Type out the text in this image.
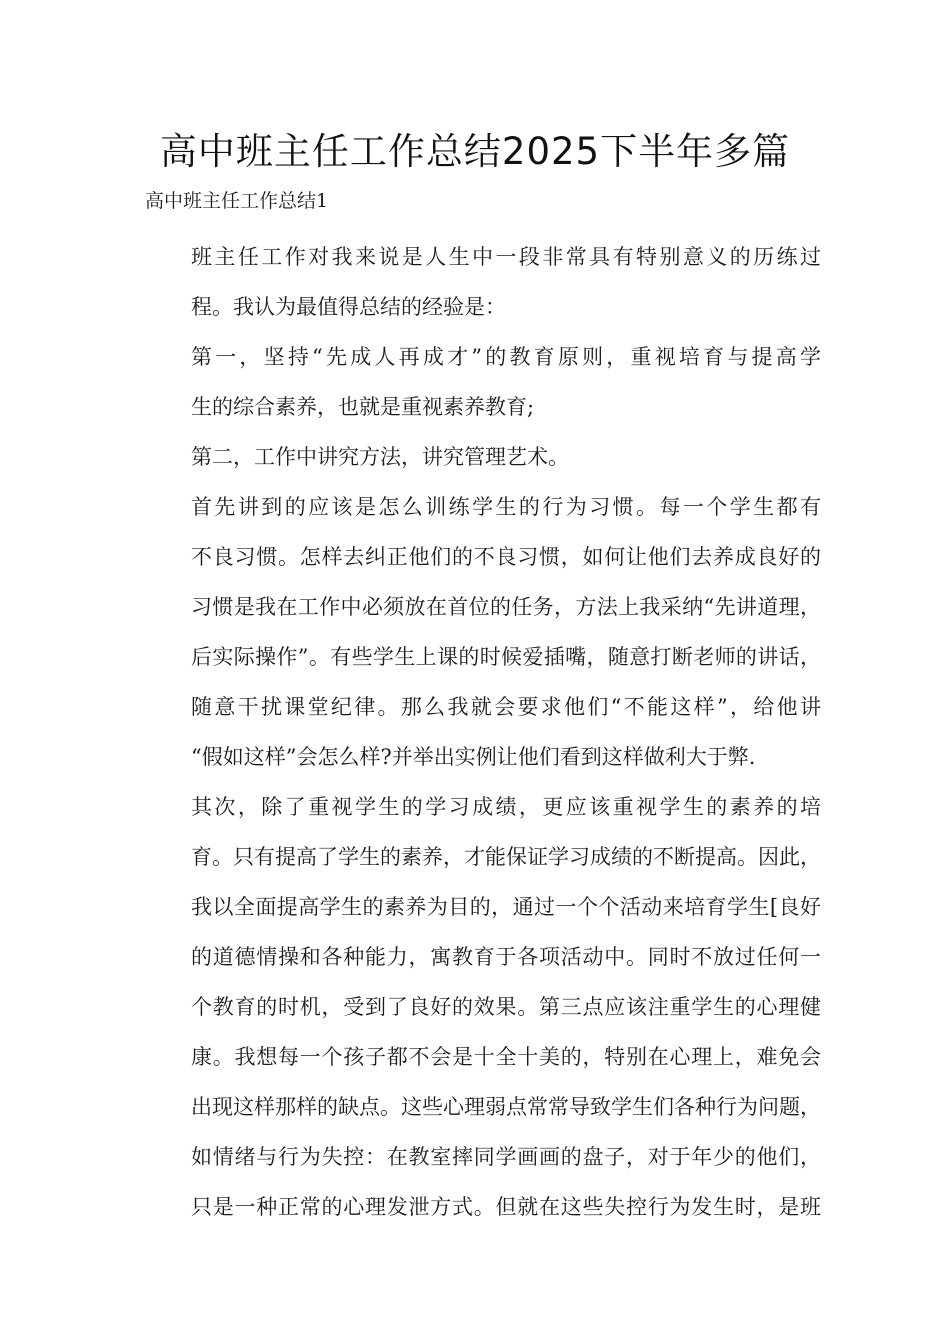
高中班主任工作总结2025下半年多篇

高中班主任工作总结1

班主任工作对我来说是人生中一段非常具有特别意义的历练过
程。我认为最值得总结的经验是：

第一，坚持“先成人再成才”的教育原则，重视培育与提高学
生的综合素养，也就是重视素养教育;

第二，工作中讲究方法，讲究管理艺术。

首先讲到的应该是怎么训练学生的行为习惯。每一个学生都有
不良习惯。怎样去纠正他们的不良习惯，如何让他们去养成良好的
习惯是我在工作中必须放在首位的任务，方法上我采纳“先讲道理，
后实际操作”。有些学生上课的时候爱插嘴，随意打断老师的讲话，
随意干扰课堂纪律。那么我就会要求他们“不能这样”，给他讲
“假如这样”会怎么样?并举出实例让他们看到这样做利大于弊.

其次，除了重视学生的学习成绩，更应该重视学生的素养的培
育。只有提高了学生的素养，才能保证学习成绩的不断提高。因此，
我以全面提高学生的素养为目的，通过一个个活动来培育学生[良好
的道德情操和各种能力，寓教育于各项活动中。同时不放过任何一
个教育的时机，受到了良好的效果。第三点应该注重学生的心理健
康。我想每一个孩子都不会是十全十美的，特别在心理上，难免会
出现这样那样的缺点。这些心理弱点常常导致学生们各种行为问题，
如情绪与行为失控：在教室摔同学画画的盘子，对于年少的他们，
只是一种正常的心理发泄方式。但就在这些失控行为发生时，是班
